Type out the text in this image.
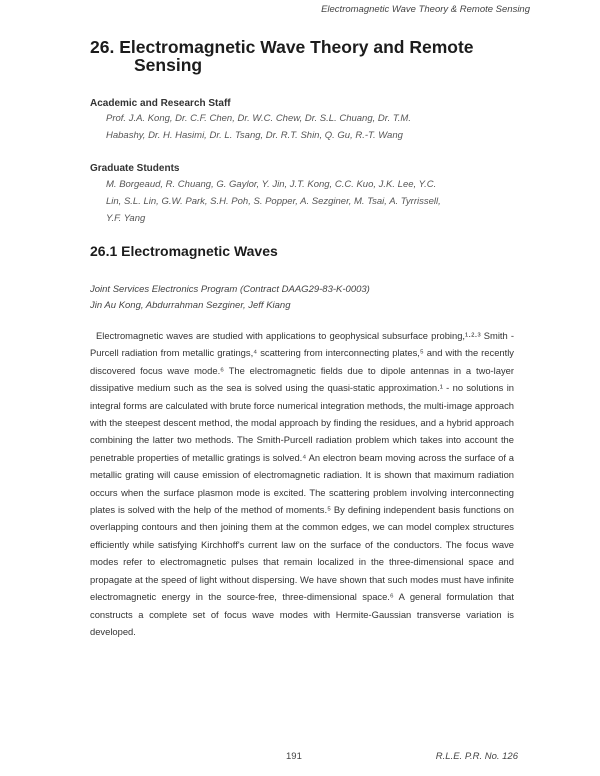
Electromagnetic Wave Theory & Remote Sensing
26. Electromagnetic Wave Theory and Remote
Sensing
Academic and Research Staff
Prof. J.A. Kong, Dr. C.F. Chen, Dr. W.C. Chew, Dr. S.L. Chuang, Dr. T.M.
Habashy, Dr. H. Hasimi, Dr. L. Tsang, Dr. R.T. Shin, Q. Gu, R.-T. Wang
Graduate Students
M. Borgeaud, R. Chuang, G. Gaylor, Y. Jin, J.T. Kong, C.C. Kuo, J.K. Lee, Y.C.
Lin, S.L. Lin, G.W. Park, S.H. Poh, S. Popper, A. Sezginer, M. Tsai, A. Tyrrissell,
Y.F. Yang
26.1 Electromagnetic Waves
Joint Services Electronics Program (Contract DAAG29-83-K-0003)
Jin Au Kong, Abdurrahman Sezginer, Jeff Kiang

Electromagnetic waves are studied with applications to geophysical subsurface probing,¹·²·³ Smith - Purcell radiation from metallic gratings,⁴ scattering from interconnecting plates,⁵ and with the recently discovered focus wave mode.⁶ The electromagnetic fields due to dipole antennas in a two-layer dissipative medium such as the sea is solved using the quasi-static approximation.¹ - no solutions in integral forms are calculated with brute force numerical integration methods, the multi-image approach with the steepest descent method, the modal approach by finding the residues, and a hybrid approach combining the latter two methods. The Smith-Purcell radiation problem which takes into account the penetrable properties of metallic gratings is solved.⁴ An electron beam moving across the surface of a metallic grating will cause emission of electromagnetic radiation. It is shown that maximum radiation occurs when the surface plasmon mode is excited. The scattering problem involving interconnecting plates is solved with the help of the method of moments.⁵ By defining independent basis functions on overlapping contours and then joining them at the common edges, we can model complex structures efficiently while satisfying Kirchhoff's current law on the surface of the conductors. The focus wave modes refer to electromagnetic pulses that remain localized in the three-dimensional space and propagate at the speed of light without dispersing. We have shown that such modes must have infinite electromagnetic energy in the source-free, three-dimensional space.⁶ A general formulation that constructs a complete set of focus wave modes with Hermite-Gaussian transverse variation is developed.

191	R.L.E. P.R. No. 126
